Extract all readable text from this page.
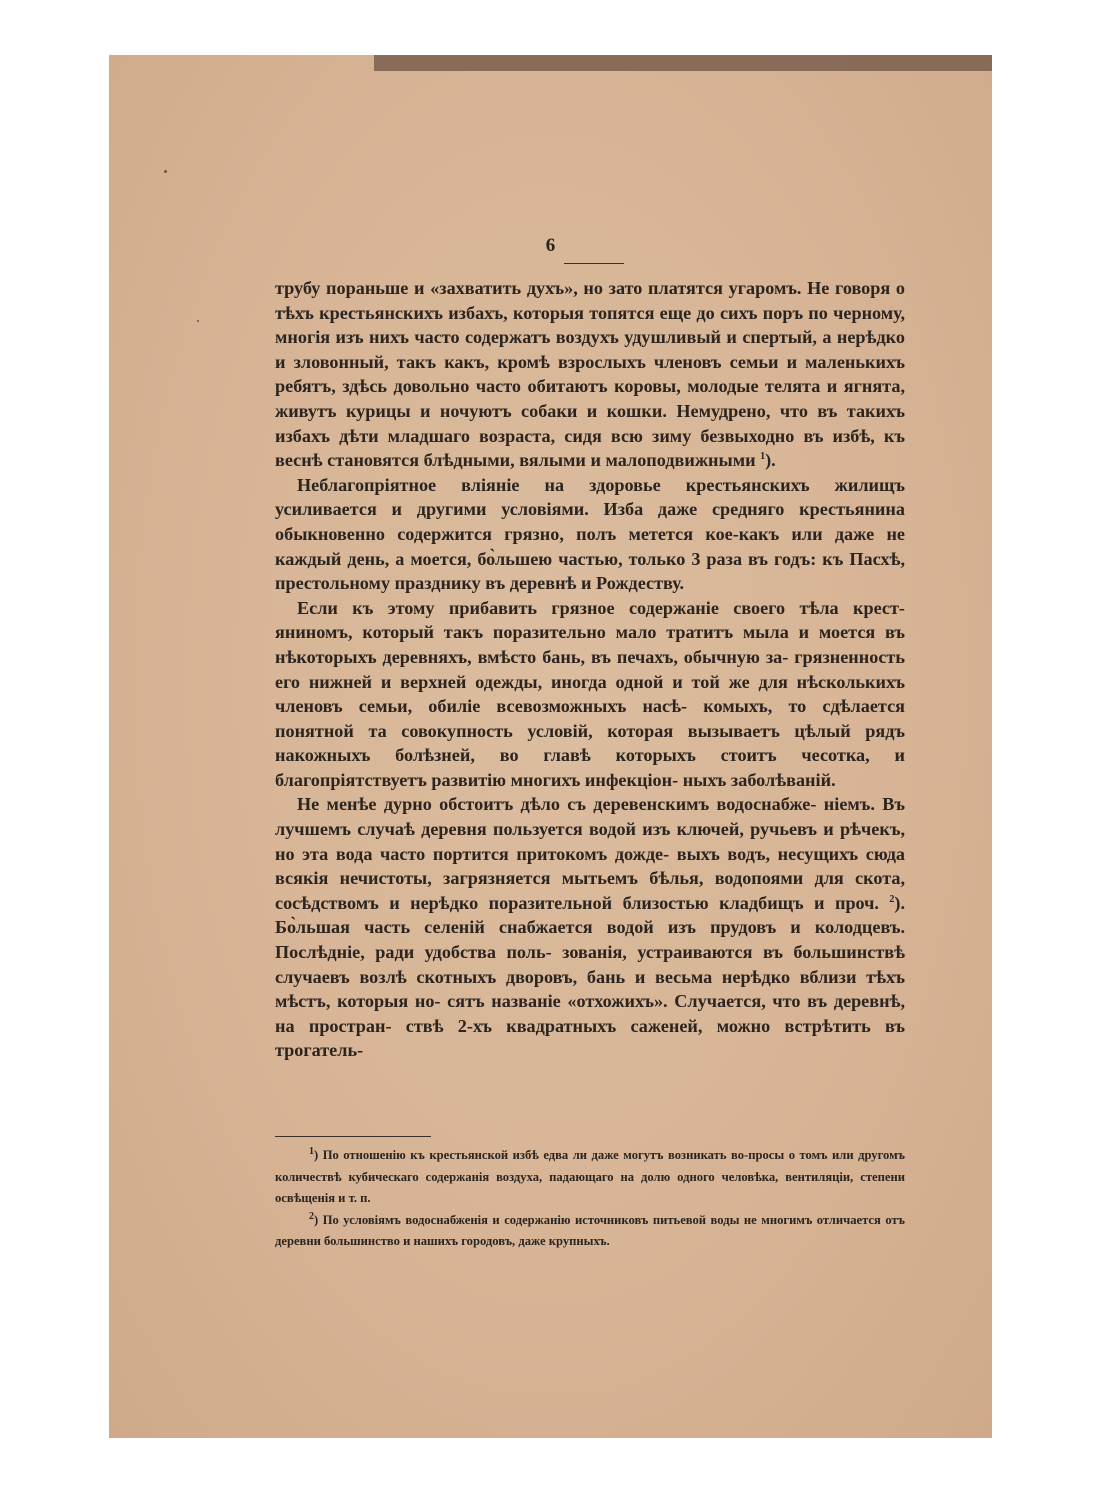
6

трубу пораньше и «захватить духъ», но зато платятся угаромъ. Не говоря о тѣхъ крестьянскихъ избахъ, которыя топятся еще до сихъ поръ по черному, многія изъ нихъ часто содержатъ воздухъ удушливый и спертый, а нерѣдко и зловонный, такъ какъ, кромѣ взрослыхъ членовъ семьи и маленькихъ ребятъ, здѣсь довольно часто обитаютъ коровы, молодые телята и ягнята, живутъ курицы и ночуютъ собаки и кошки. Немудрено, что въ такихъ избахъ дѣти младшаго возраста, сидя всю зиму безвыходно въ избѣ, къ веснѣ становятся блѣдными, вялыми и малоподвижными $^1$).

Неблагопріятное вліяніе на здоровье крестьянскихъ жилищъ усиливается и другими условіями. Изба даже средняго крестьянина обыкновенно содержится грязно, полъ метется кое-какъ или даже не каждый день, а моется, бо̀льшею частью, только 3 раза въ годъ: къ Пасхѣ, престольному празднику въ деревнѣ и Рождеству.

Если къ этому прибавить грязное содержаніе своего тѣла крест- яниномъ, который такъ поразительно мало тратитъ мыла и моется въ нѣкоторыхъ деревняхъ, вмѣсто бань, въ печахъ, обычную за- грязненность его нижней и верхней одежды, иногда одной и той же для нѣсколькихъ членовъ семьи, обиліе всевозможныхъ насѣ- комыхъ, то сдѣлается понятной та совокупность условій, которая вызываетъ цѣлый рядъ накожныхъ болѣзней, во главѣ которыхъ стоитъ чесотка, и благопріятствуетъ развитію многихъ инфекціон- ныхъ заболѣваній.

Не менѣе дурно обстоитъ дѣло съ деревенскимъ водоснабже- ніемъ. Въ лучшемъ случаѣ деревня пользуется водой изъ ключей, ручьевъ и рѣчекъ, но эта вода часто портится притокомъ дожде- выхъ водъ, несущихъ сюда всякія нечистоты, загрязняется мытьемъ бѣлья, водопоями для скота, сосѣдствомъ и нерѣдко поразительной близостью кладбищъ и проч. $^2$). Бо̀льшая часть селеній снабжается водой изъ прудовъ и колодцевъ. Послѣдніе, ради удобства поль- зованія, устраиваются въ большинствѣ случаевъ возлѣ скотныхъ дворовъ, бань и весьма нерѣдко вблизи тѣхъ мѣстъ, которыя но- сятъ названіе «отхожихъ». Случается, что въ деревнѣ, на простран- ствѣ 2-хъ квадратныхъ саженей, можно встрѣтить въ трогатель-

$^1$) По отношенію къ крестьянской избѣ едва ли даже могутъ возникать во-просы о томъ или другомъ количествѣ кубическаго содержанія воздуха, падающаго на долю одного человѣка, вентиляціи, степени освѣщенія и т. п.

$^2$) По условіямъ водоснабженія и содержанію источниковъ питьевой воды не многимъ отличается отъ деревни большинство и нашихъ городовъ, даже крупныхъ.
